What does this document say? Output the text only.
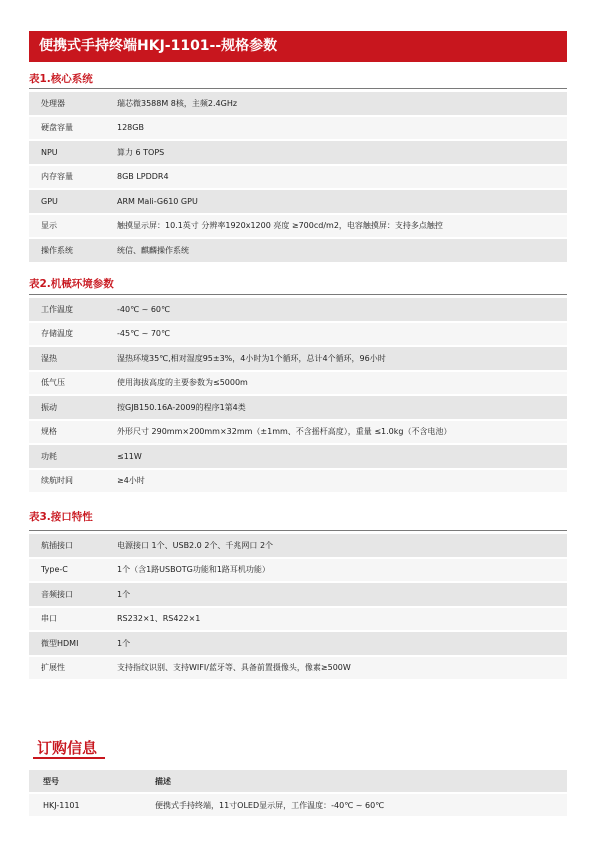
便携式手持终端HKJ-1101--规格参数
表1.核心系统
处理器	瑞芯微3588M 8核，主频2.4GHz
硬盘容量	128GB
NPU	算力 6 TOPS
内存容量	8GB LPDDR4
GPU	ARM Mali-G610 GPU
显示	触摸显示屏：10.1英寸 分辨率1920x1200 亮度 ≥700cd/m2，电容触摸屏：支持多点触控
操作系统	统信、麒麟操作系统
表2.机械环境参数
工作温度	-40℃ ~ 60℃
存储温度	-45℃ ~ 70℃
湿热	湿热环境35℃,相对湿度95±3%，4小时为1个循环，总计4个循环，96小时
低气压	使用海拔高度的主要参数为≤5000m
振动	按GJB150.16A-2009的程序1第4类
规格	外形尺寸 290mm×200mm×32mm（±1mm、不含摇杆高度），重量 ≤1.0kg（不含电池）
功耗	≤11W
续航时间	≥4小时
表3.接口特性
航插接口	电源接口 1个、USB2.0 2个、千兆网口 2个
Type-C	1个（含1路USBOTG功能和1路耳机功能）
音频接口	1个
串口	RS232×1、RS422×1
微型HDMI	1个
扩展性	支持指纹识别、支持WIFI/蓝牙等、具备前置摄像头，像素≥500W
订购信息
型号	描述
HKJ-1101	便携式手持终端，11寸OLED显示屏，工作温度：-40℃ ~ 60℃
